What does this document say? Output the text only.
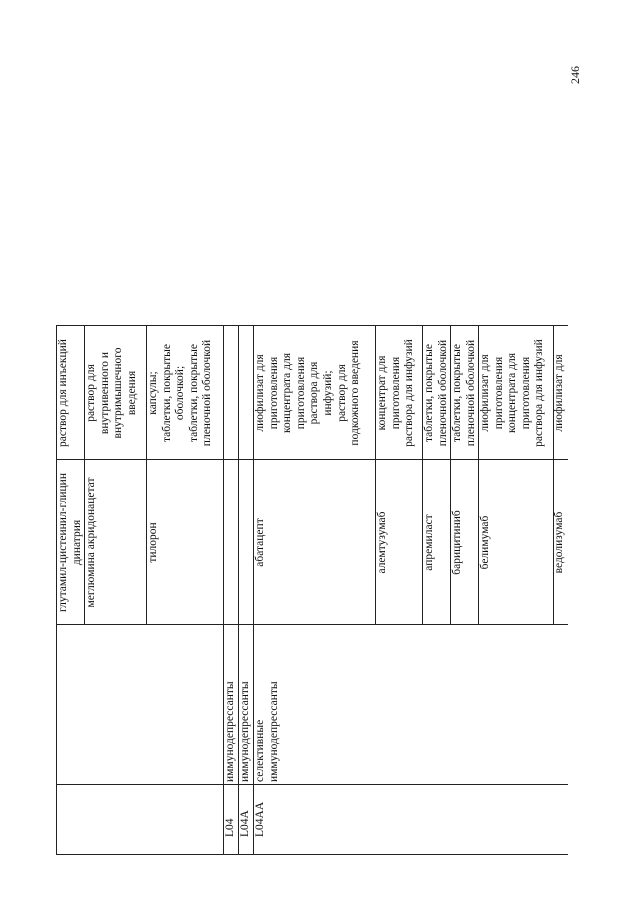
246
L04
иммунодепрессанты
L04A
иммунодепрессанты
L04AA
селективные
иммунодепрессанты
глутамил-цистеинил-глицин
динатрия
раствор для инъекций
меглюмина акридонацетат
раствор для
внутривенного и
внутримышечного
введения
тилорон
капсулы;
таблетки, покрытые
оболочкой;
таблетки, покрытые
пленочной оболочкой
абатацепт
лиофилизат для
приготовления
концентрата для
приготовления
раствора для
инфузий;
раствор для
подкожного введения
алемтузумаб
концентрат для
приготовления
раствора для инфузий
апремиласт
таблетки, покрытые
пленочной оболочкой
барицитиниб
таблетки, покрытые
пленочной оболочкой
белимумаб
лиофилизат для
приготовления
концентрата для
приготовления
раствора для инфузий
ведолизумаб
лиофилизат для
